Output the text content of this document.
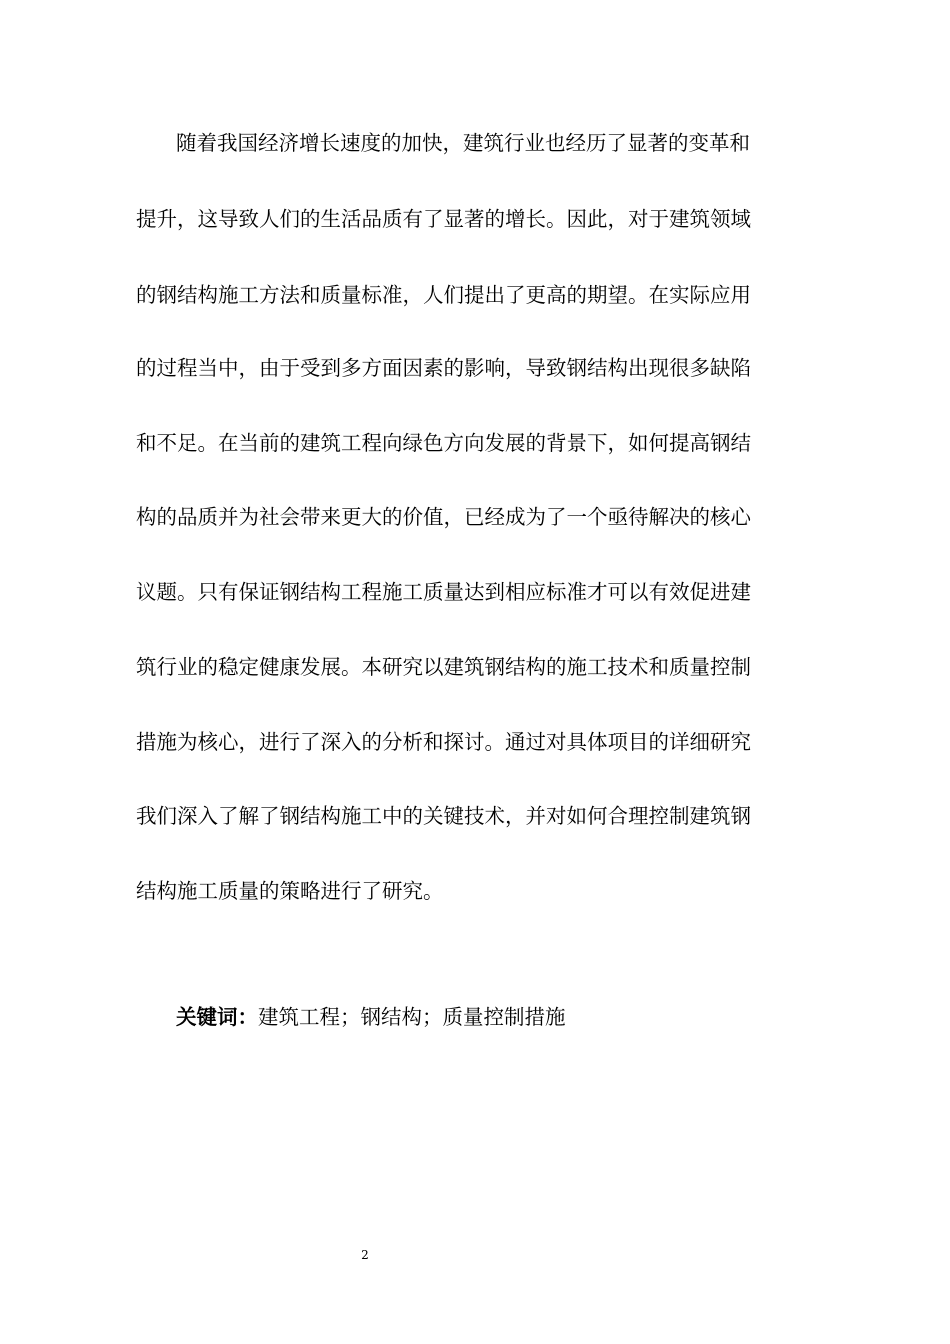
随着我国经济增长速度的加快，建筑行业也经历了显著的变革和
提升，这导致人们的生活品质有了显著的增长。因此，对于建筑领域
的钢结构施工方法和质量标准，人们提出了更高的期望。在实际应用
的过程当中，由于受到多方面因素的影响，导致钢结构出现很多缺陷
和不足。在当前的建筑工程向绿色方向发展的背景下，如何提高钢结
构的品质并为社会带来更大的价值，已经成为了一个亟待解决的核心
议题。只有保证钢结构工程施工质量达到相应标准才可以有效促进建
筑行业的稳定健康发展。本研究以建筑钢结构的施工技术和质量控制
措施为核心，进行了深入的分析和探讨。通过对具体项目的详细研究
我们深入了解了钢结构施工中的关键技术，并对如何合理控制建筑钢
结构施工质量的策略进行了研究。
关键词：建筑工程；钢结构；质量控制措施
2
